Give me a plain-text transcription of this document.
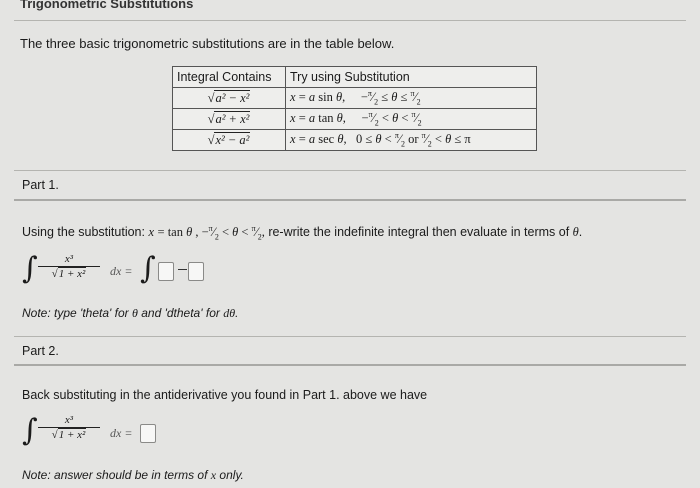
Trigonometric Substitutions
The three basic trigonometric substitutions are in the table below.
Integral Contains	Try using Substitution
√a² − x²	x = a sin θ,     $-^\pi⁄_2 \le \theta$ ≤ $^\pi⁄_2$
√a² + x²	x = a tan θ,     $-^\pi⁄_2 < \theta$ < $^\pi⁄_2$
√x² − a²	x = a sec θ,   $0 \le \theta < ^\pi⁄_2$ or $^\pi⁄_2 < \theta \le \pi$
Part 1.
Using the substitution: x = tan θ , $-^\pi⁄_2 < \theta$ < $^\pi⁄_2$, re-write the indefinite integral then evaluate in terms of θ.
∫ $\frac{\text{x³}}{\text{√1 + x²}}$ dx = ∫
Note: type 'theta' for θ and 'dtheta' for dθ.
Part 2.
Back substituting in the antiderivative you found in Part 1. above we have
∫ $\frac{\text{x³}}{\text{√1 + x²}}$ dx =
Note: answer should be in terms of x only.
